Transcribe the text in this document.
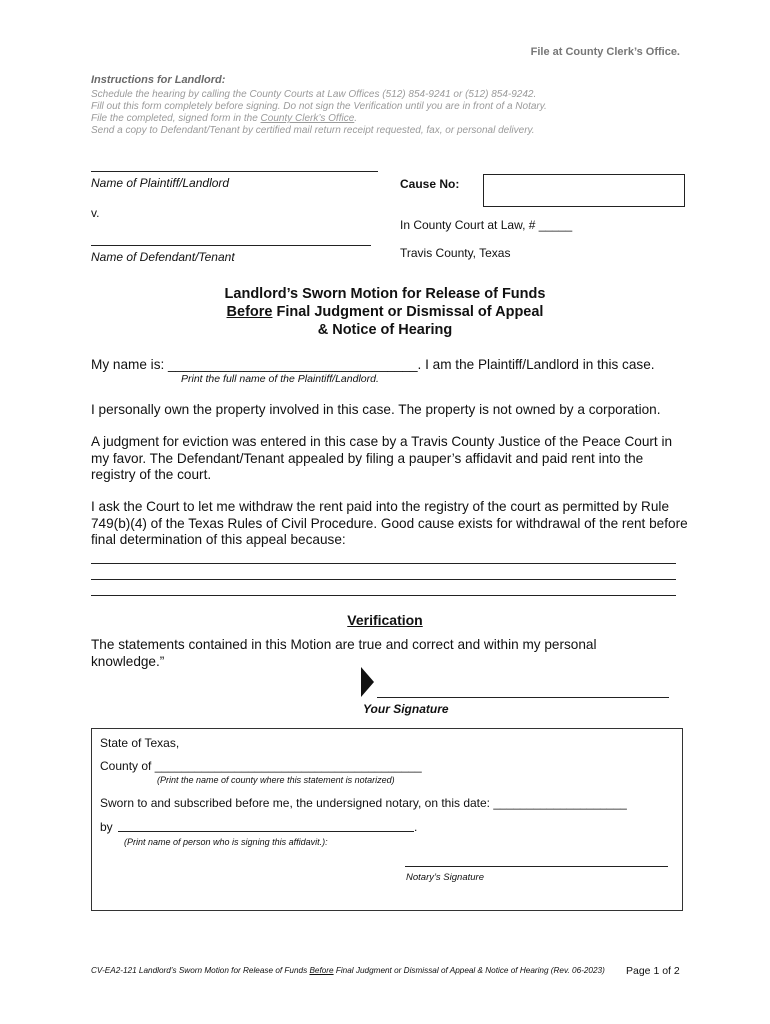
File at County Clerk’s Office.
Instructions for Landlord:
Schedule the hearing by calling the County Courts at Law Offices (512) 854-9241 or (512) 854-9242.
Fill out this form completely before signing. Do not sign the Verification until you are in front of a Notary.
File the completed, signed form in the County Clerk’s Office.
Send a copy to Defendant/Tenant by certified mail return receipt requested, fax, or personal delivery.
Name of Plaintiff/Landlord
v.
Name of Defendant/Tenant
Cause No:
In County Court at Law, # _____
Travis County, Texas
Landlord’s Sworn Motion for Release of Funds
Before Final Judgment or Dismissal of Appeal
& Notice of Hearing
My name is: _________________________________. I am the Plaintiff/Landlord in this case.
Print the full name of the Plaintiff/Landlord.
I personally own the property involved in this case. The property is not owned by a corporation.
A judgment for eviction was entered in this case by a Travis County Justice of the Peace Court in my favor. The Defendant/Tenant appealed by filing a pauper’s affidavit and paid rent into the registry of the court.
I ask the Court to let me withdraw the rent paid into the registry of the court as permitted by Rule 749(b)(4) of the Texas Rules of Civil Procedure. Good cause exists for withdrawal of the rent before final determination of this appeal because:
Verification
The statements contained in this Motion are true and correct and within my personal knowledge.”
Your Signature
State of Texas,
County of ________________________________________
(Print the name of county where this statement is notarized)
Sworn to and subscribed before me, the undersigned notary, on this date: ____________________
by	.
(Print name of person who is signing this affidavit.):
Notary’s Signature
CV-EA2-121 Landlord’s Sworn Motion for Release of Funds Before Final Judgment or Dismissal of Appeal & Notice of Hearing (Rev. 06-2023) Page 1 of 2
